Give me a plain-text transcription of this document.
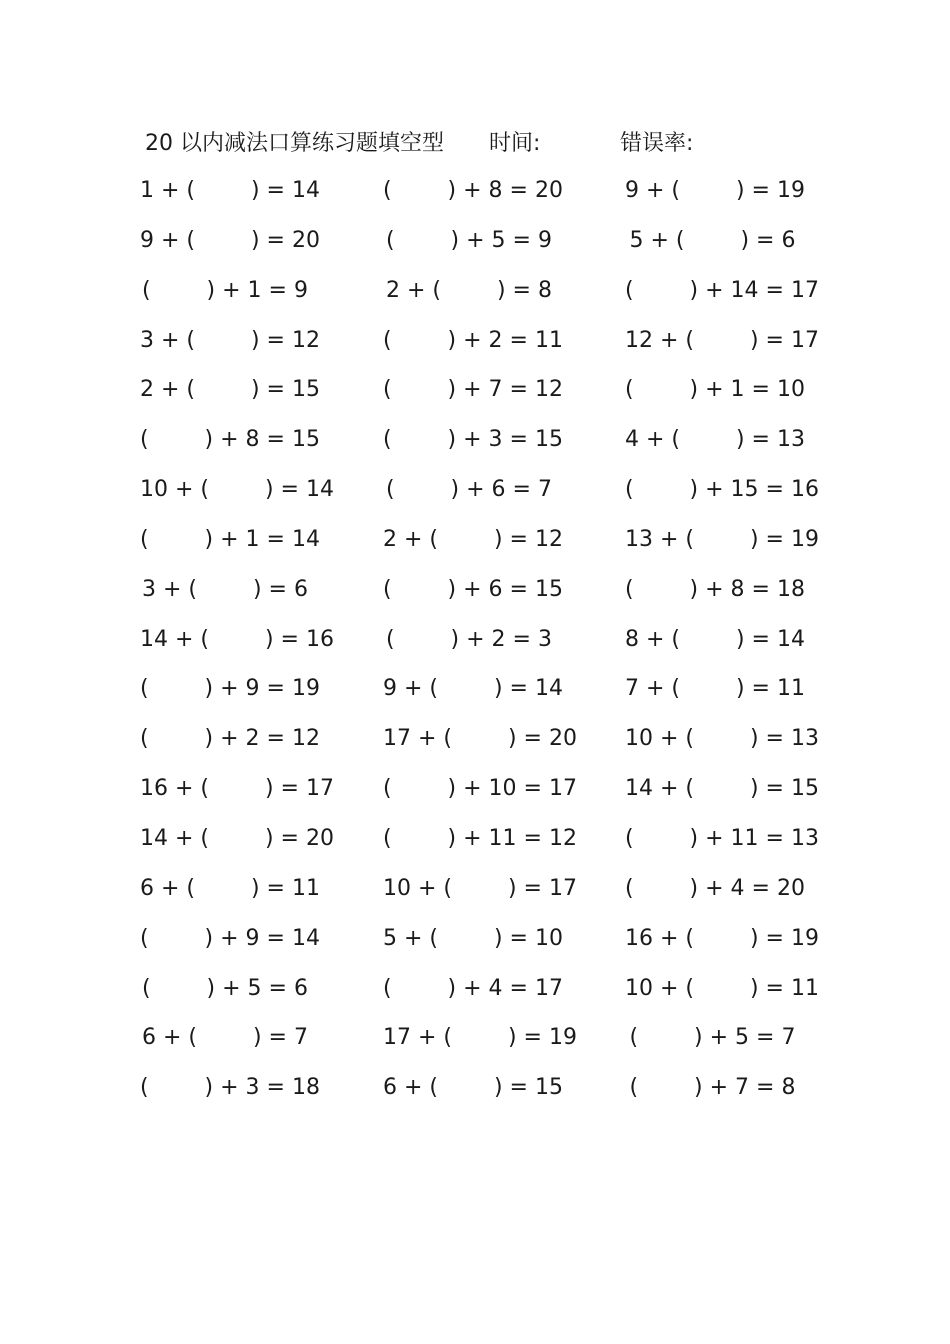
20 以内减法口算练习题填空型 时间:	错误率:
1 + (        ) = 14
9 + (        ) = 20
(        ) + 1 = 9
3 + (        ) = 12
2 + (        ) = 15
(        ) + 8 = 15
10 + (        ) = 14
(        ) + 1 = 14
3 + (        ) = 6
14 + (        ) = 16
(        ) + 9 = 19
(        ) + 2 = 12
16 + (        ) = 17
14 + (        ) = 20
6 + (        ) = 11
(        ) + 9 = 14
(        ) + 5 = 6
6 + (        ) = 7
(        ) + 3 = 18
(        ) + 8 = 20
(        ) + 5 = 9
2 + (        ) = 8
(        ) + 2 = 11
(        ) + 7 = 12
(        ) + 3 = 15
(        ) + 6 = 7
2 + (        ) = 12
(        ) + 6 = 15
(        ) + 2 = 3
9 + (        ) = 14
17 + (        ) = 20
(        ) + 10 = 17
(        ) + 11 = 12
10 + (        ) = 17
5 + (        ) = 10
(        ) + 4 = 17
17 + (        ) = 19
6 + (        ) = 15
9 + (        ) = 19
5 + (        ) = 6
(        ) + 14 = 17
12 + (        ) = 17
(        ) + 1 = 10
4 + (        ) = 13
(        ) + 15 = 16
13 + (        ) = 19
(        ) + 8 = 18
8 + (        ) = 14
7 + (        ) = 11
10 + (        ) = 13
14 + (        ) = 15
(        ) + 11 = 13
(        ) + 4 = 20
16 + (        ) = 19
10 + (        ) = 11
(        ) + 5 = 7
(        ) + 7 = 8
